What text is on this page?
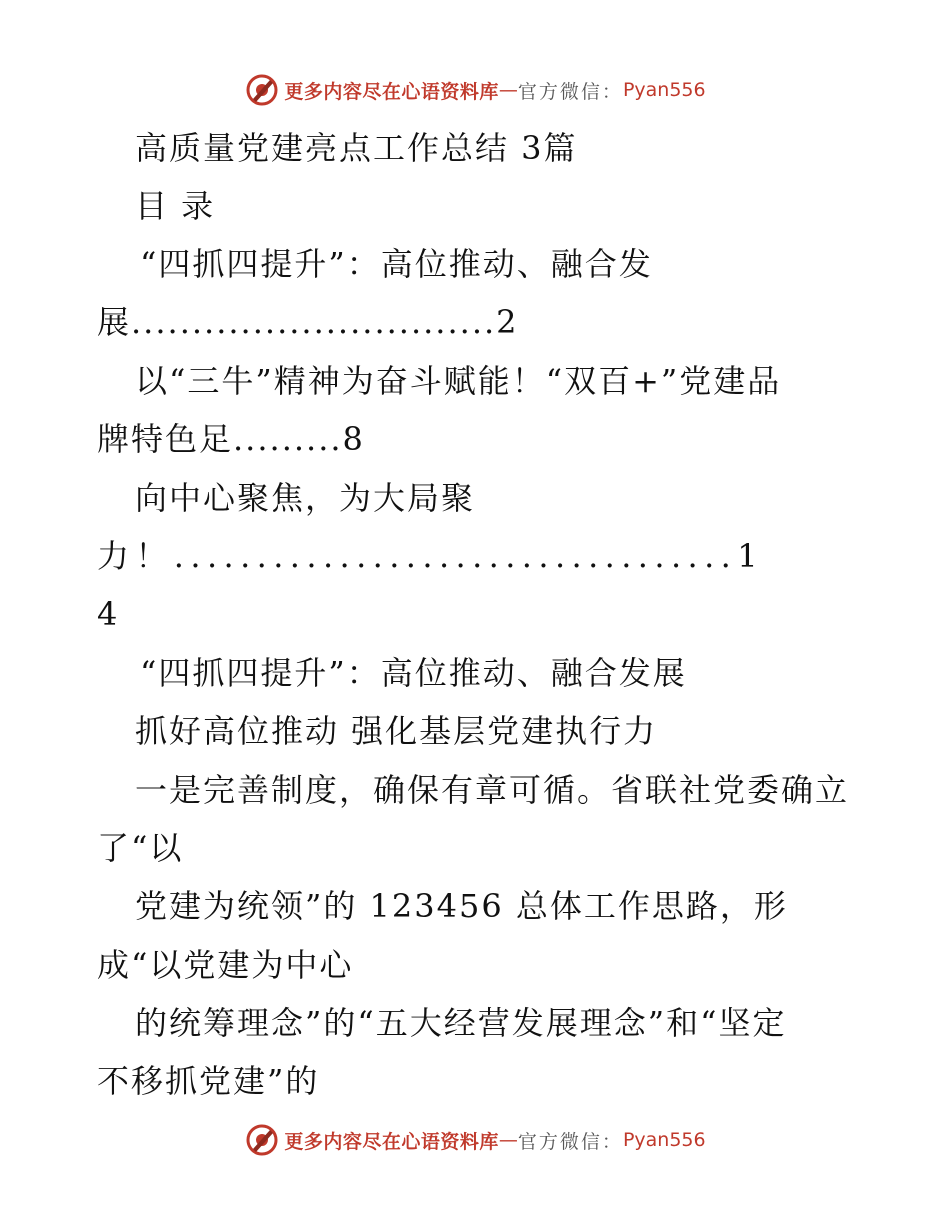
更多内容尽在心语资料库 — 官方微信： Pyan556
高质量党建亮点工作总结 3篇
目 录
“四抓四提升”：高位推动、融合发
展..............................2
以“三牛”精神为奋斗赋能！“双百+”党建品
牌特色足.........8
向中心聚焦，为大局聚
力！..................................1
4
“四抓四提升”：高位推动、融合发展
抓好高位推动 强化基层党建执行力
一是完善制度，确保有章可循。省联社党委确立
了“以
党建为统领”的 123456 总体工作思路，形
成“以党建为中心
的统筹理念”的“五大经营发展理念”和“坚定
不移抓党建”的
更多内容尽在心语资料库 — 官方微信： Pyan556
